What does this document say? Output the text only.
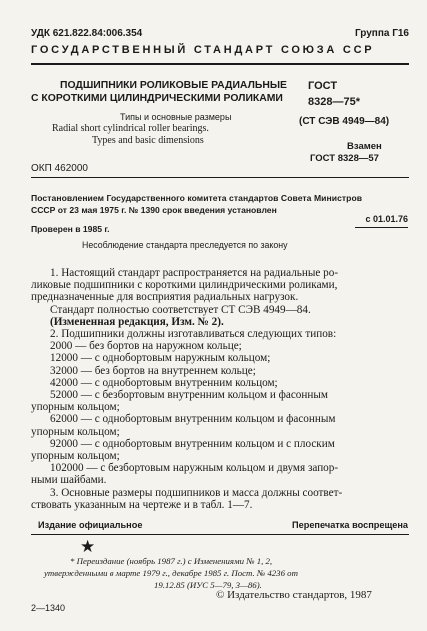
УДК 621.822.84:006.354	Группа Г16
ГОСУДАРСТВЕННЫЙ СТАНДАРТ СОЮЗА ССР
ПОДШИПНИКИ РОЛИКОВЫЕ РАДИАЛЬНЫЕ
С КОРОТКИМИ ЦИЛИНДРИЧЕСКИМИ РОЛИКАМИ
Типы и основные размеры
Radial short cylindrical roller bearings.
Types and basic dimensions
ГОСТ
8328—75*
(СТ СЭВ 4949—84)
Взамен
ГОСТ 8328—57
ОКП 462000
Постановлением Государственного комитета стандартов Совета Министров
СССР от 23 мая 1975 г. № 1390 срок введения установлен
с 01.01.76
Проверен в 1985 г.
Несоблюдение стандарта преследуется по закону
1. Настоящий стандарт распространяется на радиальные ро-
ликовые подшипники с короткими цилиндрическими роликами,
предназначенные для восприятия радиальных нагрузок.
Стандарт полностью соответствует СТ СЭВ 4949—84.
(Измененная редакция, Изм. № 2).
2. Подшипники должны изготавливаться следующих типов:
2000 — без бортов на наружном кольце;
12000 — с однобортовым наружным кольцом;
32000 — без бортов на внутреннем кольце;
42000 — с однобортовым внутренним кольцом;
52000 — с безбортовым внутренним кольцом и фасонным
упорным кольцом;
62000 — с однобортовым внутренним кольцом и фасонным
упорным кольцом;
92000 — с однобортовым внутренним кольцом и с плоским
упорным кольцом;
102000 — с безбортовым наружным кольцом и двумя запор-
ными шайбами.
3. Основные размеры подшипников и масса должны соответ-
ствовать указанным на чертеже и в табл. 1—7.
Издание официальное	Перепечатка воспрещена
★
* Переиздание (ноябрь 1987 г.) с Изменениями № 1, 2,
утвержденными в марте 1979 г., декабре 1985 г. Пост. № 4236 от
19.12.85 (ИУС 5—79, 3—86).
© Издательство стандартов, 1987
2—1340
